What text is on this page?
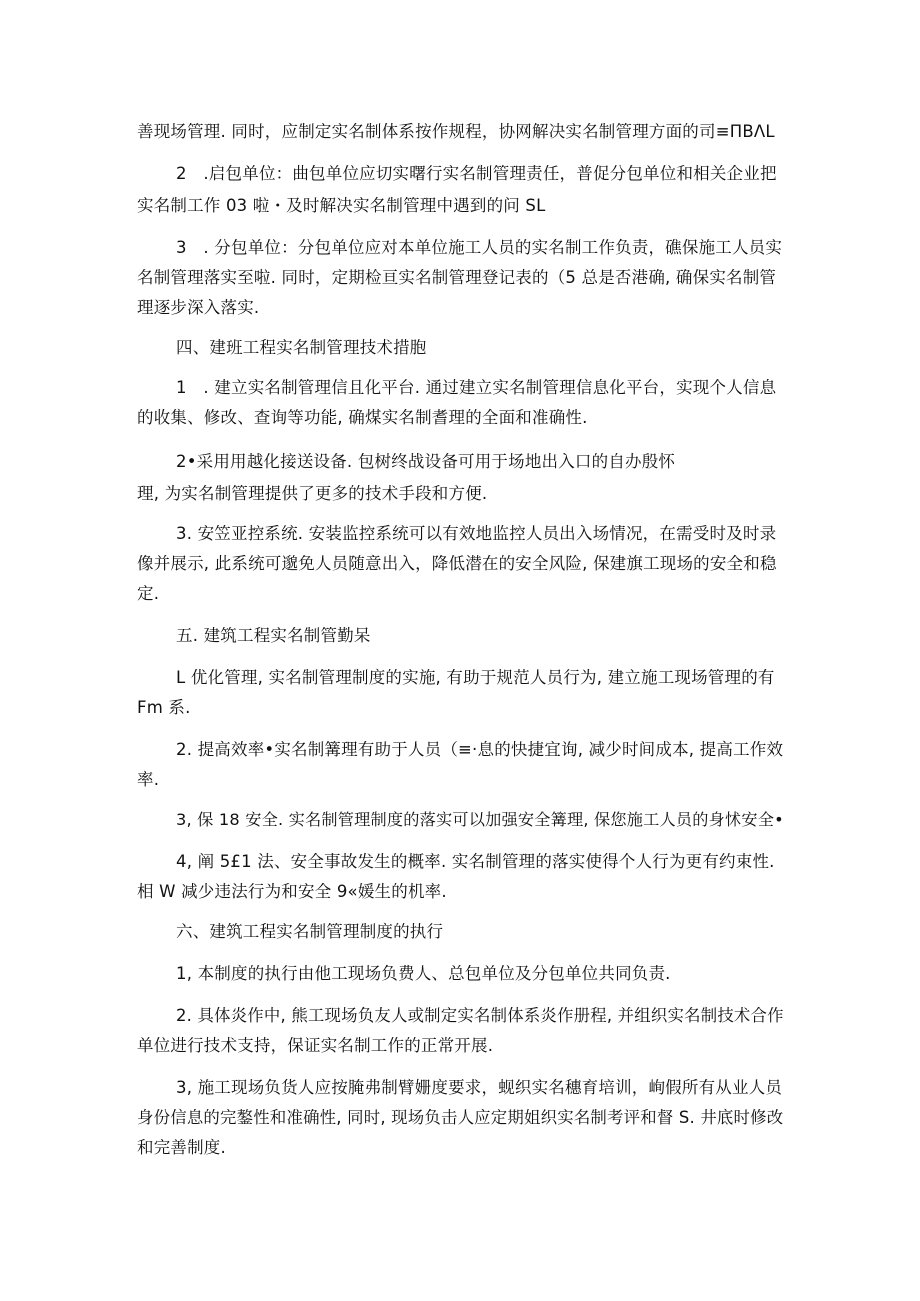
善现场管理. 同时，应制定实名制体系按作规程，协网解决实名制管理方面的司≡ΠBΛL
2　.启包单位：曲包单位应切实曙行实名制管理责任，普促分包单位和相关企业把
实名制工作 03 啦・及时解决实名制管理中遇到的问 SL
3　. 分包单位：分包单位应对本单位施工人员的实名制工作负责，礁保施工人员实
名制管理落实至啦. 同时，定期检亘实名制管理登记表的（5 总是否港确, 确保实名制管
理逐步深入落实.
四、建班工程实名制管理技术措胞
1　. 建立实名制管理信且化平台. 通过建立实名制管理信息化平台，实现个人信息
的收集、修改、查询等功能, 确煤实名制耆理的全面和准确性.
2•采用用越化接送设备. 包树终战设备可用于场地出入口的自办殷怀
理, 为实名制管理提供了更多的技术手段和方便.
3. 安笠亚控系统. 安装监控系统可以有效地监控人员出入场情况，在需受时及时录
像并展示, 此系统可邈免人员随意出入，降低潜在的安全风险, 保建旗工现场的安全和稳
定.
五. 建筑工程实名制管勤呆
L 优化管理, 实名制管理制度的实施, 有助于规范人员行为, 建立施工现场管理的有
Fm 系.
2. 提高效率•实名制篝理有助于人员（≡·息的快捷宜询, 减少时间成本, 提高工作效
率.
3, 保 18 安全. 实名制管理制度的落实可以加强安全篝理, 保您施工人员的身怵安全•
4, 阐 5£1 法、安全事故发生的概率. 实名制管理的落实使得个人行为更有约束性.
相 W 减少违法行为和安全 9«媛生的机率.
六、建筑工程实名制管理制度的执行
1, 本制度的执行由他工现场负费人、总包单位及分包单位共同负责.
2. 具体炎作中, 熊工现场负友人或制定实名制体系炎作册程, 并组织实名制技术合作
单位进行技术支持，保证实名制工作的正常开展.
3, 施工现场负货人应按腌弗制臂姗度要求，蚬织实名穗育培训，峋假所有从业人员
身份信息的完鏊性和准确性, 同时, 现场负击人应定期姐织实名制考评和督 S. 井底时修改
和完善制度.
